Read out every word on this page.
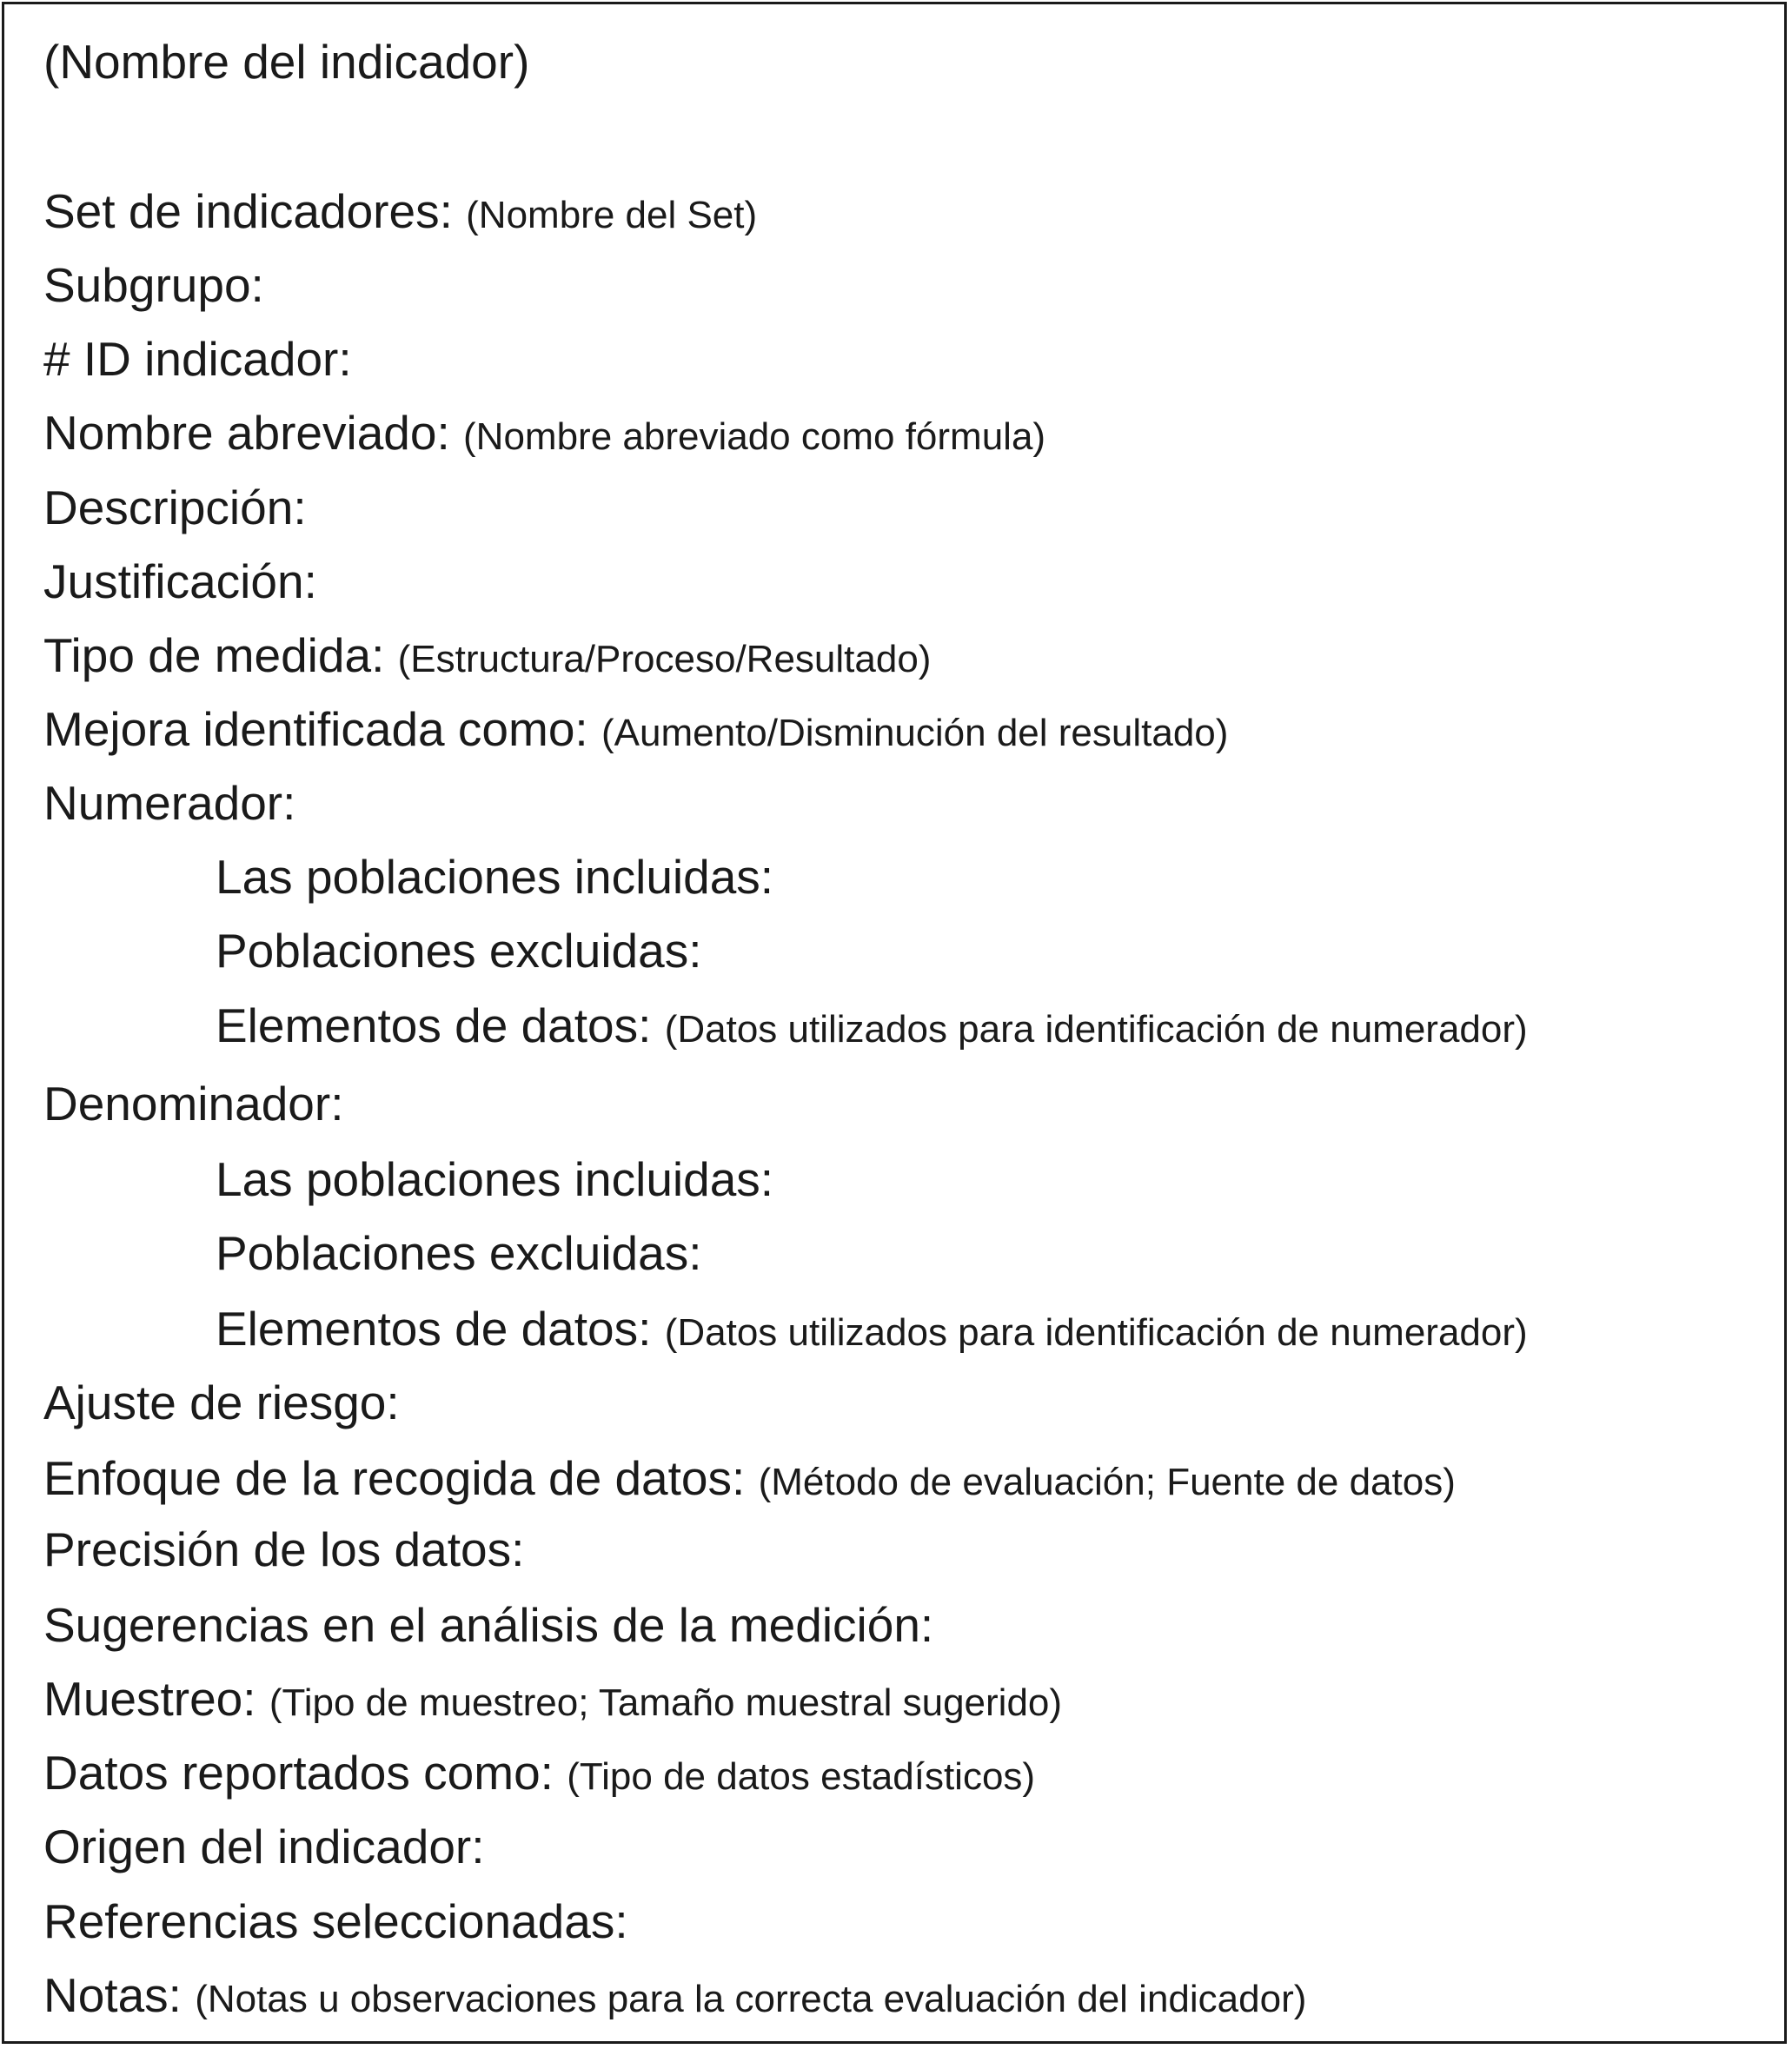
(Nombre del indicador)
Set de indicadores: (Nombre del Set)
Subgrupo:
# ID indicador:
Nombre abreviado: (Nombre abreviado como fórmula)
Descripción:
Justificación:
Tipo de medida: (Estructura/Proceso/Resultado)
Mejora identificada como: (Aumento/Disminución del resultado)
Numerador:
Las poblaciones incluidas:
Poblaciones excluidas:
Elementos de datos: (Datos utilizados para identificación de numerador)
Denominador:
Las poblaciones incluidas:
Poblaciones excluidas:
Elementos de datos: (Datos utilizados para identificación de numerador)
Ajuste de riesgo:
Enfoque de la recogida de datos: (Método de evaluación; Fuente de datos)
Precisión de los datos:
Sugerencias en el análisis de la medición:
Muestreo: (Tipo de muestreo; Tamaño muestral sugerido)
Datos reportados como: (Tipo de datos estadísticos)
Origen del indicador:
Referencias seleccionadas:
Notas: (Notas u observaciones para la correcta evaluación del indicador)
